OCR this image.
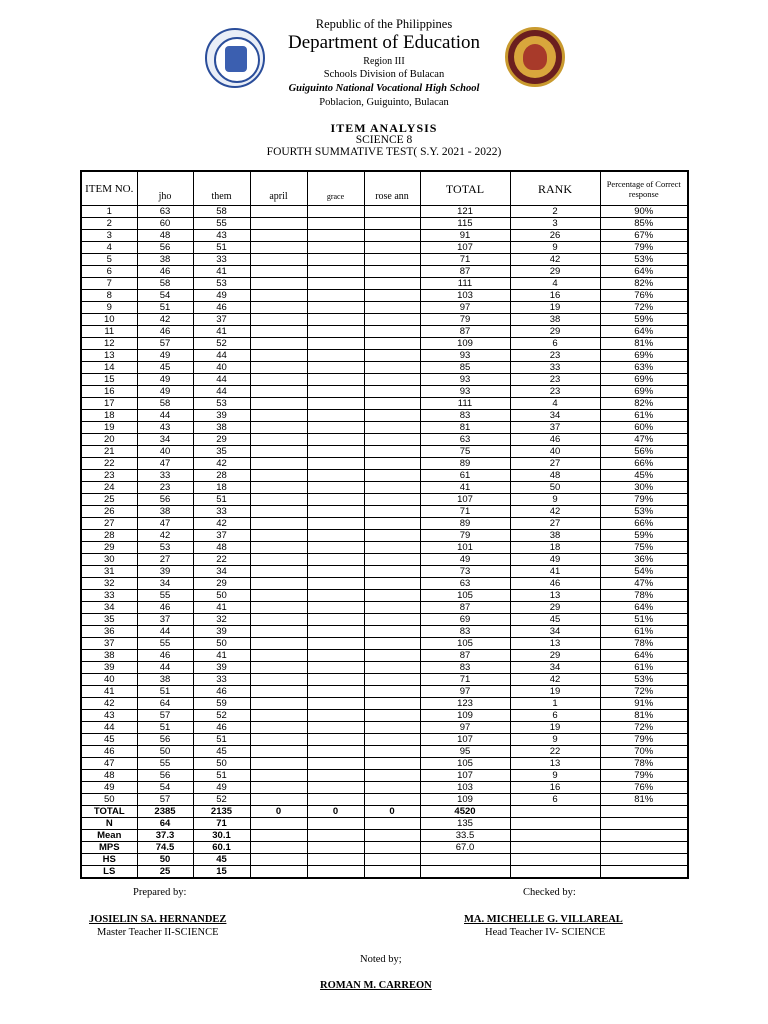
Republic of the Philippines
Department of Education
Region III
Schools Division of Bulacan
Guiguinto National Vocational High School
Poblacion, Guiguinto, Bulacan
ITEM ANALYSIS
SCIENCE 8
FOURTH SUMMATIVE TEST( S.Y. 2021 - 2022)
ITEM NO.	jho	them	april	grace	rose ann	TOTAL	RANK	Percentage of Correct response
1	63	58				121	2	90%
2	60	55				115	3	85%
3	48	43				91	26	67%
4	56	51				107	9	79%
5	38	33				71	42	53%
6	46	41				87	29	64%
7	58	53				111	4	82%
8	54	49				103	16	76%
9	51	46				97	19	72%
10	42	37				79	38	59%
11	46	41				87	29	64%
12	57	52				109	6	81%
13	49	44				93	23	69%
14	45	40				85	33	63%
15	49	44				93	23	69%
16	49	44				93	23	69%
17	58	53				111	4	82%
18	44	39				83	34	61%
19	43	38				81	37	60%
20	34	29				63	46	47%
21	40	35				75	40	56%
22	47	42				89	27	66%
23	33	28				61	48	45%
24	23	18				41	50	30%
25	56	51				107	9	79%
26	38	33				71	42	53%
27	47	42				89	27	66%
28	42	37				79	38	59%
29	53	48				101	18	75%
30	27	22				49	49	36%
31	39	34				73	41	54%
32	34	29				63	46	47%
33	55	50				105	13	78%
34	46	41				87	29	64%
35	37	32				69	45	51%
36	44	39				83	34	61%
37	55	50				105	13	78%
38	46	41				87	29	64%
39	44	39				83	34	61%
40	38	33				71	42	53%
41	51	46				97	19	72%
42	64	59				123	1	91%
43	57	52				109	6	81%
44	51	46				97	19	72%
45	56	51				107	9	79%
46	50	45				95	22	70%
47	55	50				105	13	78%
48	56	51				107	9	79%
49	54	49				103	16	76%
50	57	52				109	6	81%
TOTAL	2385	2135	0	0	0	4520		
N	64	71				135		
Mean	37.3	30.1				33.5		
MPS	74.5	60.1				67.0		
HS	50	45						
LS	25	15						
Prepared by:	Checked by:
JOSIELIN SA. HERNANDEZ
Master Teacher II-SCIENCE
MA. MICHELLE G. VILLAREAL
Head Teacher IV- SCIENCE
Noted by;
ROMAN M. CARREON
